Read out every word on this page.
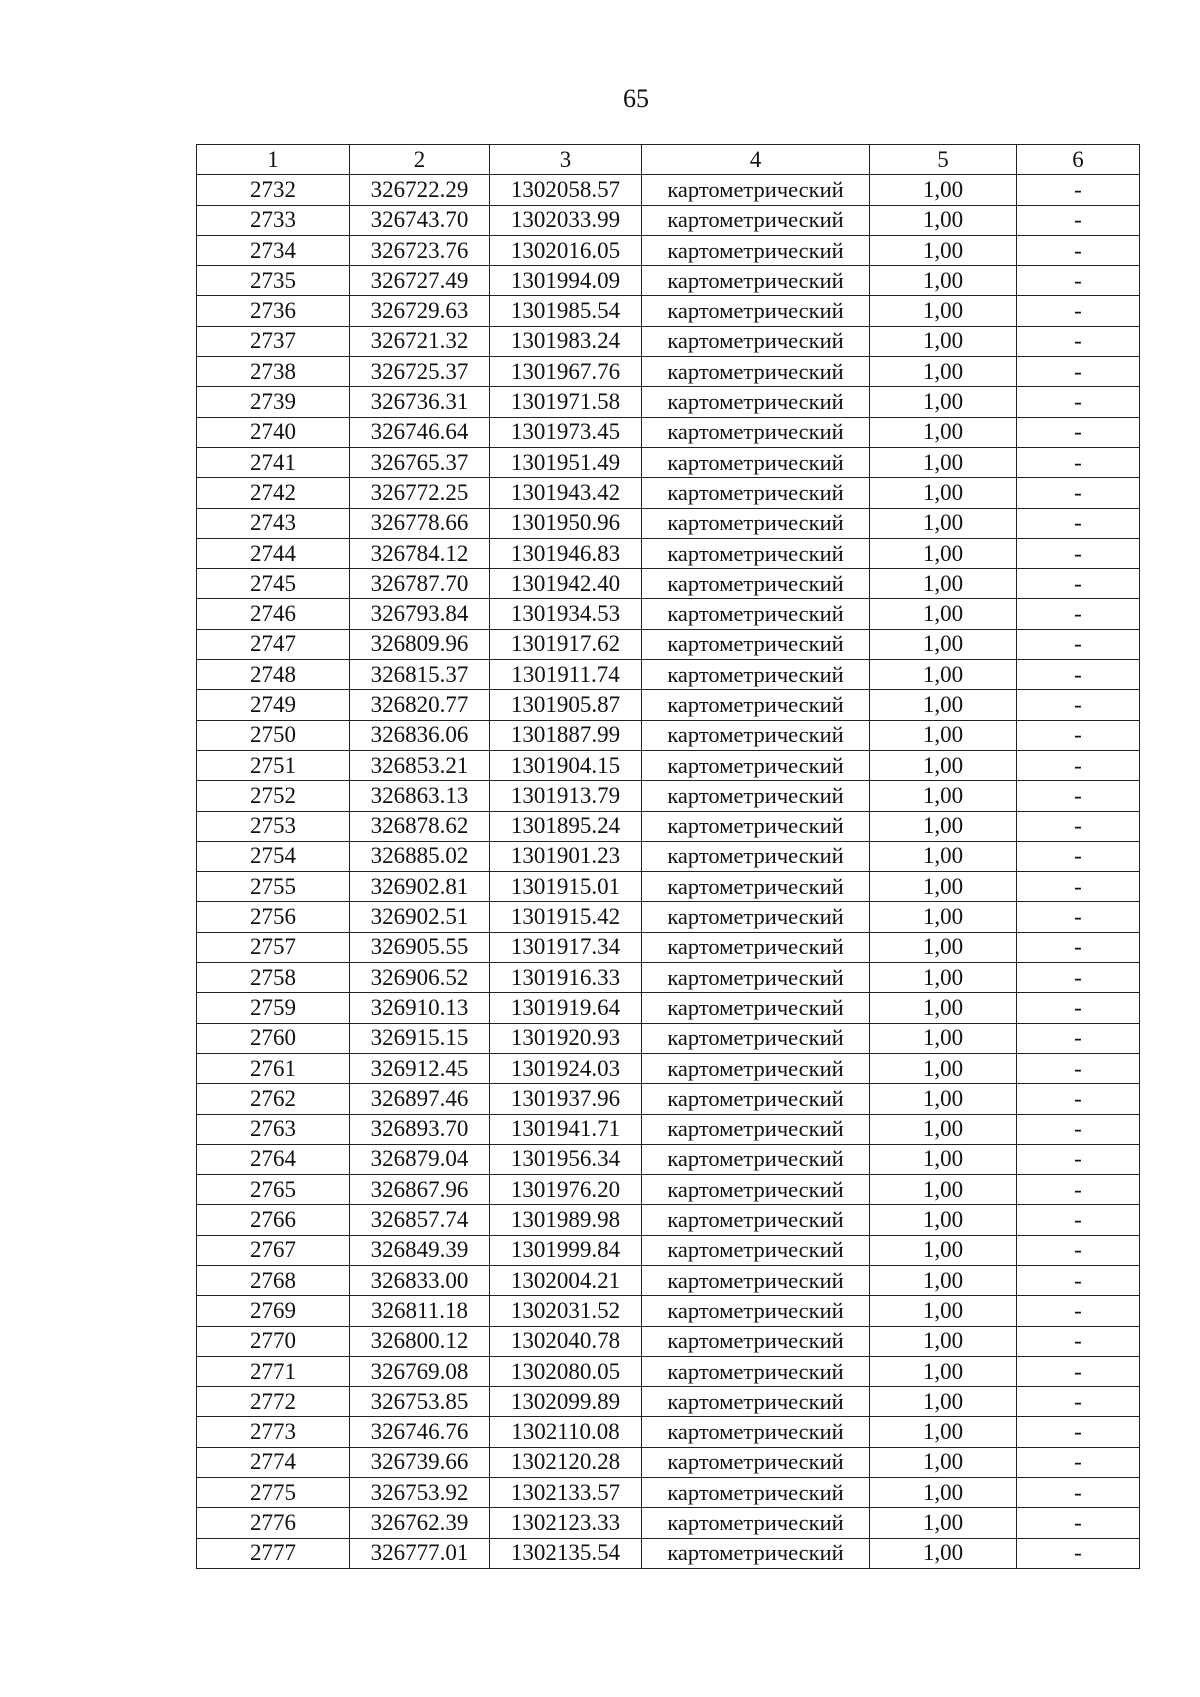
65
1	2	3	4	5	6
2732	326722.29	1302058.57	картометрический	1,00	-
2733	326743.70	1302033.99	картометрический	1,00	-
2734	326723.76	1302016.05	картометрический	1,00	-
2735	326727.49	1301994.09	картометрический	1,00	-
2736	326729.63	1301985.54	картометрический	1,00	-
2737	326721.32	1301983.24	картометрический	1,00	-
2738	326725.37	1301967.76	картометрический	1,00	-
2739	326736.31	1301971.58	картометрический	1,00	-
2740	326746.64	1301973.45	картометрический	1,00	-
2741	326765.37	1301951.49	картометрический	1,00	-
2742	326772.25	1301943.42	картометрический	1,00	-
2743	326778.66	1301950.96	картометрический	1,00	-
2744	326784.12	1301946.83	картометрический	1,00	-
2745	326787.70	1301942.40	картометрический	1,00	-
2746	326793.84	1301934.53	картометрический	1,00	-
2747	326809.96	1301917.62	картометрический	1,00	-
2748	326815.37	1301911.74	картометрический	1,00	-
2749	326820.77	1301905.87	картометрический	1,00	-
2750	326836.06	1301887.99	картометрический	1,00	-
2751	326853.21	1301904.15	картометрический	1,00	-
2752	326863.13	1301913.79	картометрический	1,00	-
2753	326878.62	1301895.24	картометрический	1,00	-
2754	326885.02	1301901.23	картометрический	1,00	-
2755	326902.81	1301915.01	картометрический	1,00	-
2756	326902.51	1301915.42	картометрический	1,00	-
2757	326905.55	1301917.34	картометрический	1,00	-
2758	326906.52	1301916.33	картометрический	1,00	-
2759	326910.13	1301919.64	картометрический	1,00	-
2760	326915.15	1301920.93	картометрический	1,00	-
2761	326912.45	1301924.03	картометрический	1,00	-
2762	326897.46	1301937.96	картометрический	1,00	-
2763	326893.70	1301941.71	картометрический	1,00	-
2764	326879.04	1301956.34	картометрический	1,00	-
2765	326867.96	1301976.20	картометрический	1,00	-
2766	326857.74	1301989.98	картометрический	1,00	-
2767	326849.39	1301999.84	картометрический	1,00	-
2768	326833.00	1302004.21	картометрический	1,00	-
2769	326811.18	1302031.52	картометрический	1,00	-
2770	326800.12	1302040.78	картометрический	1,00	-
2771	326769.08	1302080.05	картометрический	1,00	-
2772	326753.85	1302099.89	картометрический	1,00	-
2773	326746.76	1302110.08	картометрический	1,00	-
2774	326739.66	1302120.28	картометрический	1,00	-
2775	326753.92	1302133.57	картометрический	1,00	-
2776	326762.39	1302123.33	картометрический	1,00	-
2777	326777.01	1302135.54	картометрический	1,00	-
